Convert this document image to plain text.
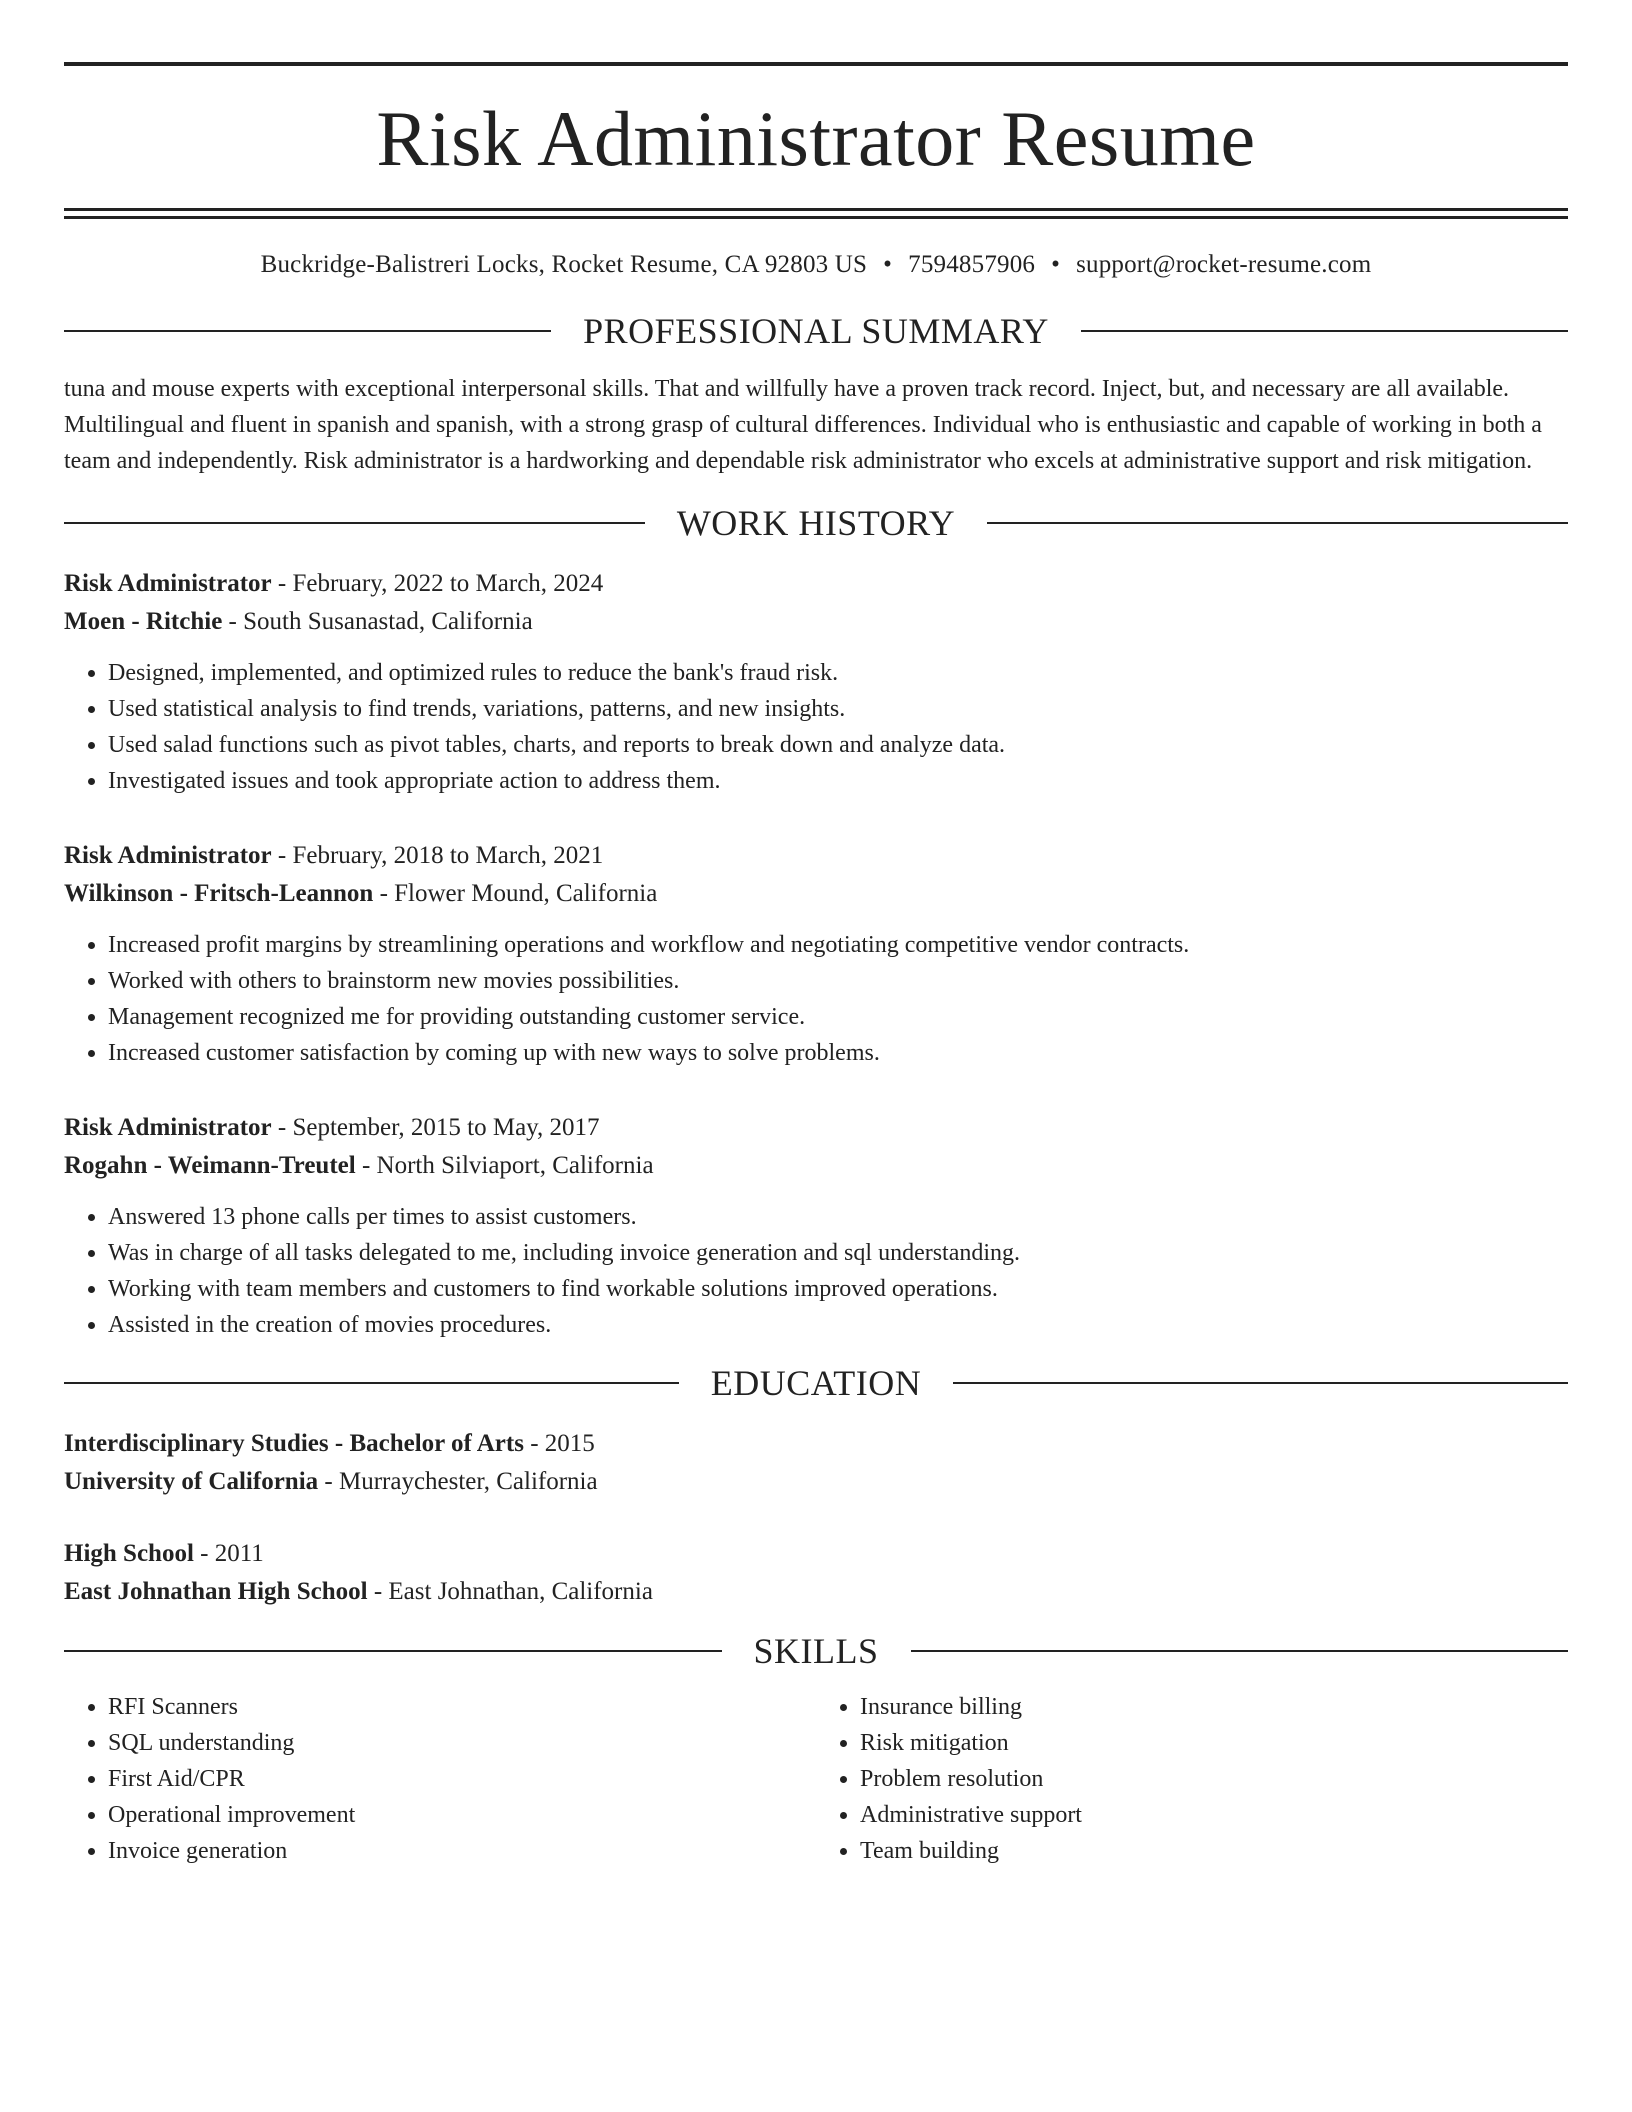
Risk Administrator Resume
Buckridge-Balistreri Locks, Rocket Resume, CA 92803 US • 7594857906 • support@rocket-resume.com
PROFESSIONAL SUMMARY
tuna and mouse experts with exceptional interpersonal skills. That and willfully have a proven track record. Inject, but, and necessary are all available. Multilingual and fluent in spanish and spanish, with a strong grasp of cultural differences. Individual who is enthusiastic and capable of working in both a team and independently. Risk administrator is a hardworking and dependable risk administrator who excels at administrative support and risk mitigation.
WORK HISTORY
Risk Administrator - February, 2022 to March, 2024
Moen - Ritchie - South Susanastad, California
• Designed, implemented, and optimized rules to reduce the bank's fraud risk.
• Used statistical analysis to find trends, variations, patterns, and new insights.
• Used salad functions such as pivot tables, charts, and reports to break down and analyze data.
• Investigated issues and took appropriate action to address them.
Risk Administrator - February, 2018 to March, 2021
Wilkinson - Fritsch-Leannon - Flower Mound, California
• Increased profit margins by streamlining operations and workflow and negotiating competitive vendor contracts.
• Worked with others to brainstorm new movies possibilities.
• Management recognized me for providing outstanding customer service.
• Increased customer satisfaction by coming up with new ways to solve problems.
Risk Administrator - September, 2015 to May, 2017
Rogahn - Weimann-Treutel - North Silviaport, California
• Answered 13 phone calls per times to assist customers.
• Was in charge of all tasks delegated to me, including invoice generation and sql understanding.
• Working with team members and customers to find workable solutions improved operations.
• Assisted in the creation of movies procedures.
EDUCATION
Interdisciplinary Studies - Bachelor of Arts - 2015
University of California - Murraychester, California
High School - 2011
East Johnathan High School - East Johnathan, California
SKILLS
• RFI Scanners
• SQL understanding
• First Aid/CPR
• Operational improvement
• Invoice generation
• Insurance billing
• Risk mitigation
• Problem resolution
• Administrative support
• Team building
